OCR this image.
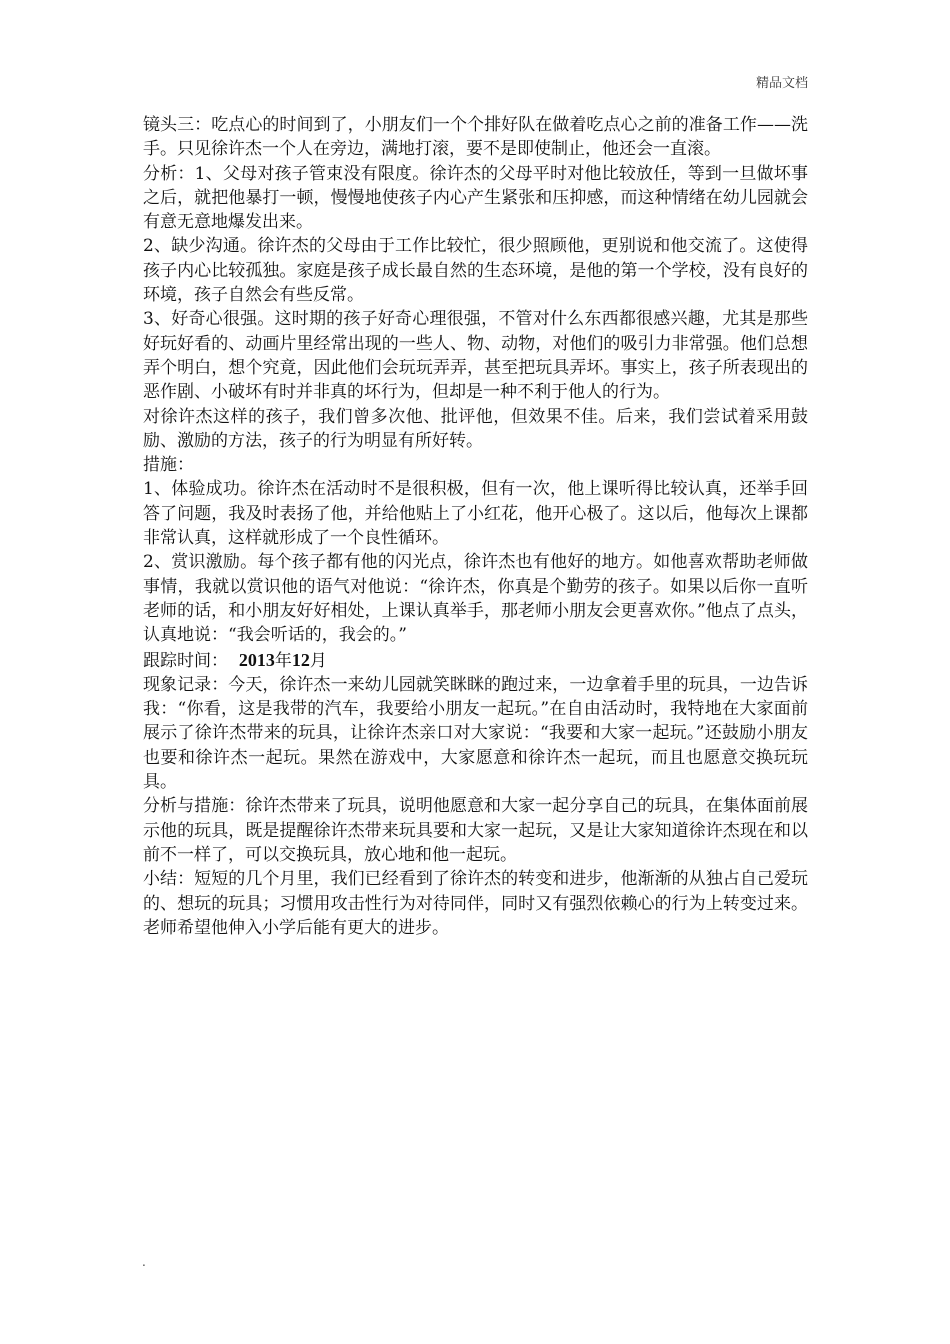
精品文档

镜头三：吃点心的时间到了，小朋友们一个个排好队在做着吃点心之前的准备工作——洗手。只见徐许杰一个人在旁边，满地打滚，要不是即使制止，他还会一直滚。

分析：1、父母对孩子管束没有限度。徐许杰的父母平时对他比较放任，等到一旦做坏事之后，就把他暴打一顿，慢慢地使孩子内心产生紧张和压抑感，而这种情绪在幼儿园就会有意无意地爆发出来。

2、缺少沟通。徐许杰的父母由于工作比较忙，很少照顾他，更别说和他交流了。这使得孩子内心比较孤独。家庭是孩子成长最自然的生态环境，是他的第一个学校，没有良好的环境，孩子自然会有些反常。

3、好奇心很强。这时期的孩子好奇心理很强，不管对什么东西都很感兴趣，尤其是那些好玩好看的、动画片里经常出现的一些人、物、动物，对他们的吸引力非常强。他们总想弄个明白，想个究竟，因此他们会玩玩弄弄，甚至把玩具弄坏。事实上，孩子所表现出的恶作剧、小破坏有时并非真的坏行为，但却是一种不利于他人的行为。

对徐许杰这样的孩子，我们曾多次他、批评他，但效果不佳。后来，我们尝试着采用鼓励、激励的方法，孩子的行为明显有所好转。

措施：

1、体验成功。徐许杰在活动时不是很积极，但有一次，他上课听得比较认真，还举手回答了问题，我及时表扬了他，并给他贴上了小红花，他开心极了。这以后，他每次上课都非常认真，这样就形成了一个良性循环。

2、赏识激励。每个孩子都有他的闪光点，徐许杰也有他好的地方。如他喜欢帮助老师做事情，我就以赏识他的语气对他说：“徐许杰，你真是个勤劳的孩子。如果以后你一直听老师的话，和小朋友好好相处，上课认真举手，那老师小朋友会更喜欢你。”他点了点头，认真地说：“我会听话的，我会的。”

跟踪时间： 2013年12月

现象记录：今天，徐许杰一来幼儿园就笑眯眯的跑过来，一边拿着手里的玩具，一边告诉我：“你看，这是我带的汽车，我要给小朋友一起玩。”在自由活动时，我特地在大家面前展示了徐许杰带来的玩具，让徐许杰亲口对大家说：“我要和大家一起玩。”还鼓励小朋友也要和徐许杰一起玩。果然在游戏中，大家愿意和徐许杰一起玩，而且也愿意交换玩玩具。

分析与措施：徐许杰带来了玩具，说明他愿意和大家一起分享自己的玩具，在集体面前展示他的玩具，既是提醒徐许杰带来玩具要和大家一起玩，又是让大家知道徐许杰现在和以前不一样了，可以交换玩具，放心地和他一起玩。

小结：短短的几个月里，我们已经看到了徐许杰的转变和进步，他渐渐的从独占自己爱玩的、想玩的玩具；习惯用攻击性行为对待同伴，同时又有强烈依赖心的行为上转变过来。老师希望他伸入小学后能有更大的进步。

.
